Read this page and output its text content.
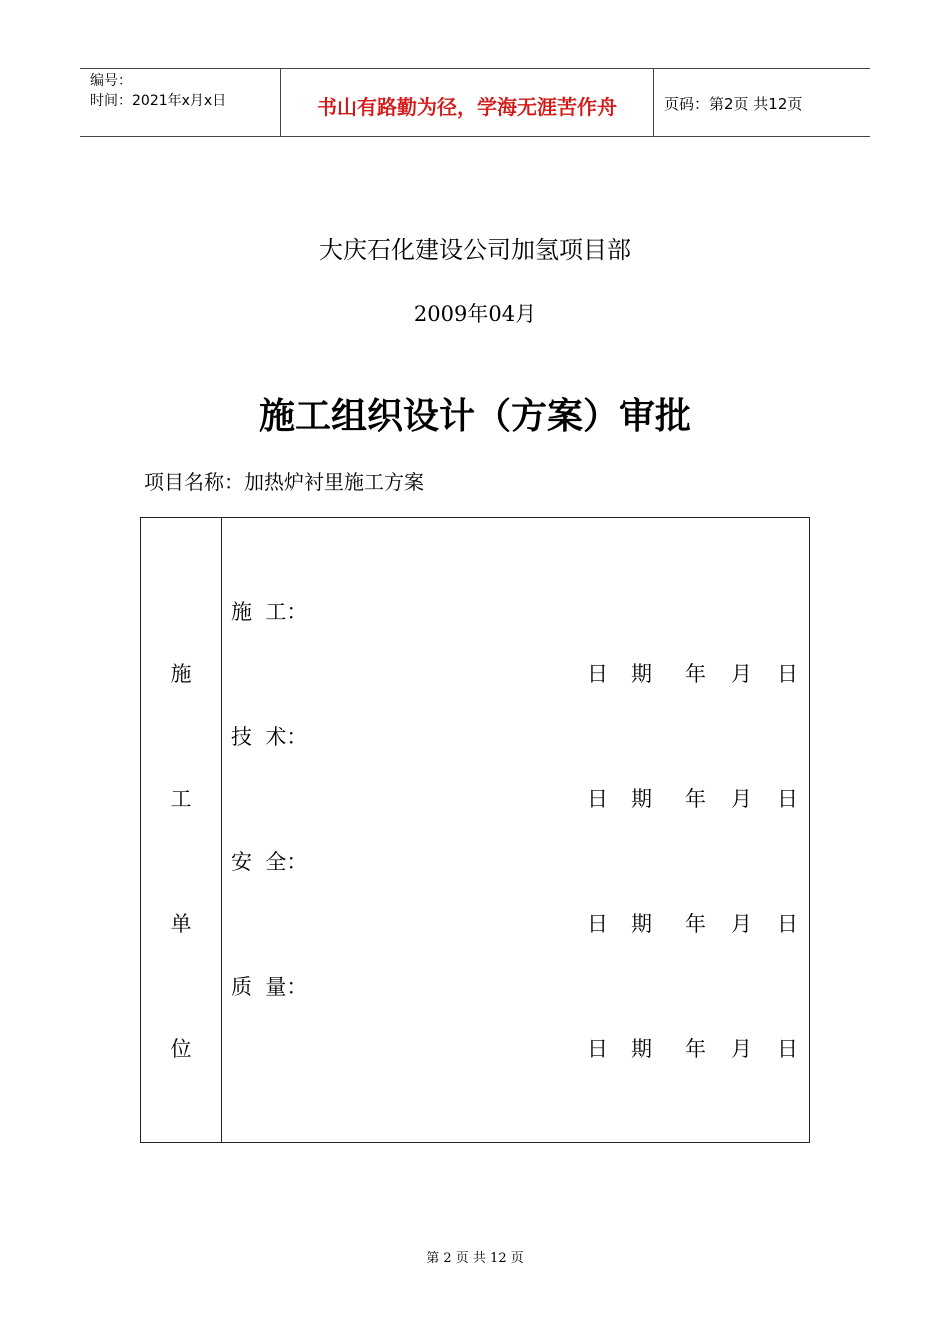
编号：
时间：2021年x月x日	书山有路勤为径，学海无涯苦作舟	页码：第2页 共12页
大庆石化建设公司加氢项目部
2009年04月
施工组织设计（方案）审批
项目名称：加热炉衬里施工方案
施
工
单
位
施  工：
技  术：
安  全：
质  量：
日 期 年 月 日
日 期 年 月 日
日 期 年 月 日
日 期 年 月 日
第 2 页 共 12 页
